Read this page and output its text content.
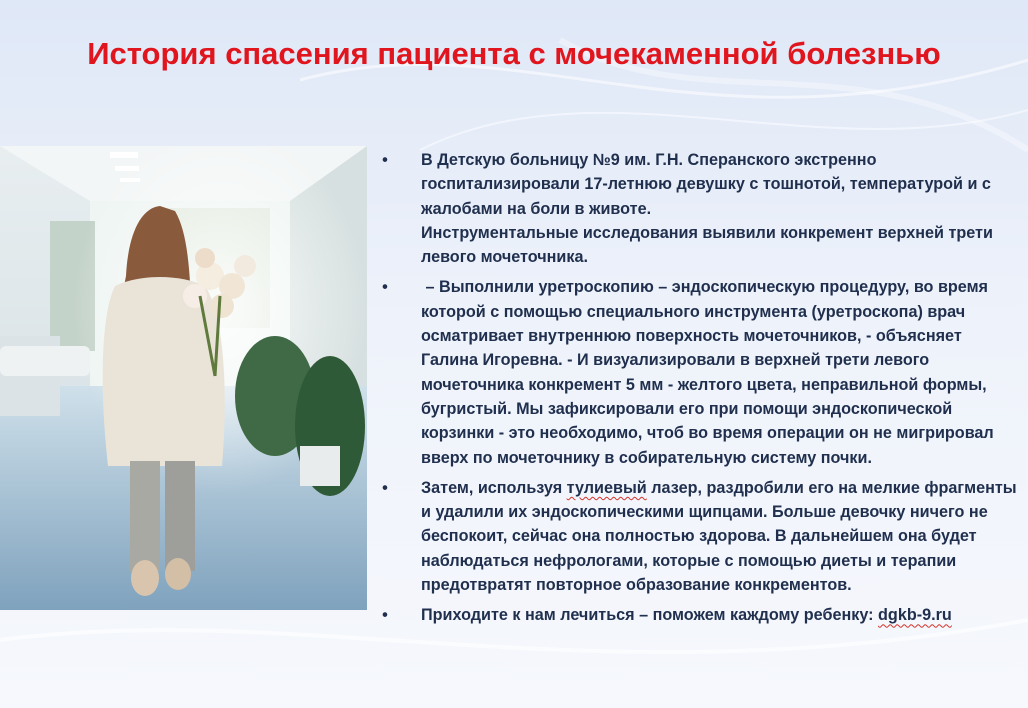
История спасения пациента с мочекаменной болезнью
• В Детскую больницу №9 им. Г.Н. Сперанского экстренно госпитализировали 17-летнюю девушку с тошнотой, температурой и с жалобами на боли в животе.
Инструментальные исследования выявили конкремент верхней трети левого мочеточника.
• – Выполнили уретроскопию – эндоскопическую процедуру, во время которой с помощью специального инструмента (уретроскопа) врач осматривает внутреннюю поверхность мочеточников, - объясняет Галина Игоревна. - И визуализировали в верхней трети левого мочеточника конкремент 5 мм - желтого цвета, неправильной формы, бугристый. Мы зафиксировали его при помощи эндоскопической корзинки - это необходимо, чтоб во время операции он не мигрировал вверх по мочеточнику в собирательную систему почки.
• Затем, используя тулиевый лазер, раздробили его на мелкие фрагменты и удалили их эндоскопическими щипцами. Больше девочку ничего не беспокоит, сейчас она полностью здорова. В дальнейшем она будет наблюдаться нефрологами, которые с помощью диеты и терапии предотвратят повторное образование конкрементов.
• Приходите к нам лечиться – поможем каждому ребенку: dgkb-9.ru
